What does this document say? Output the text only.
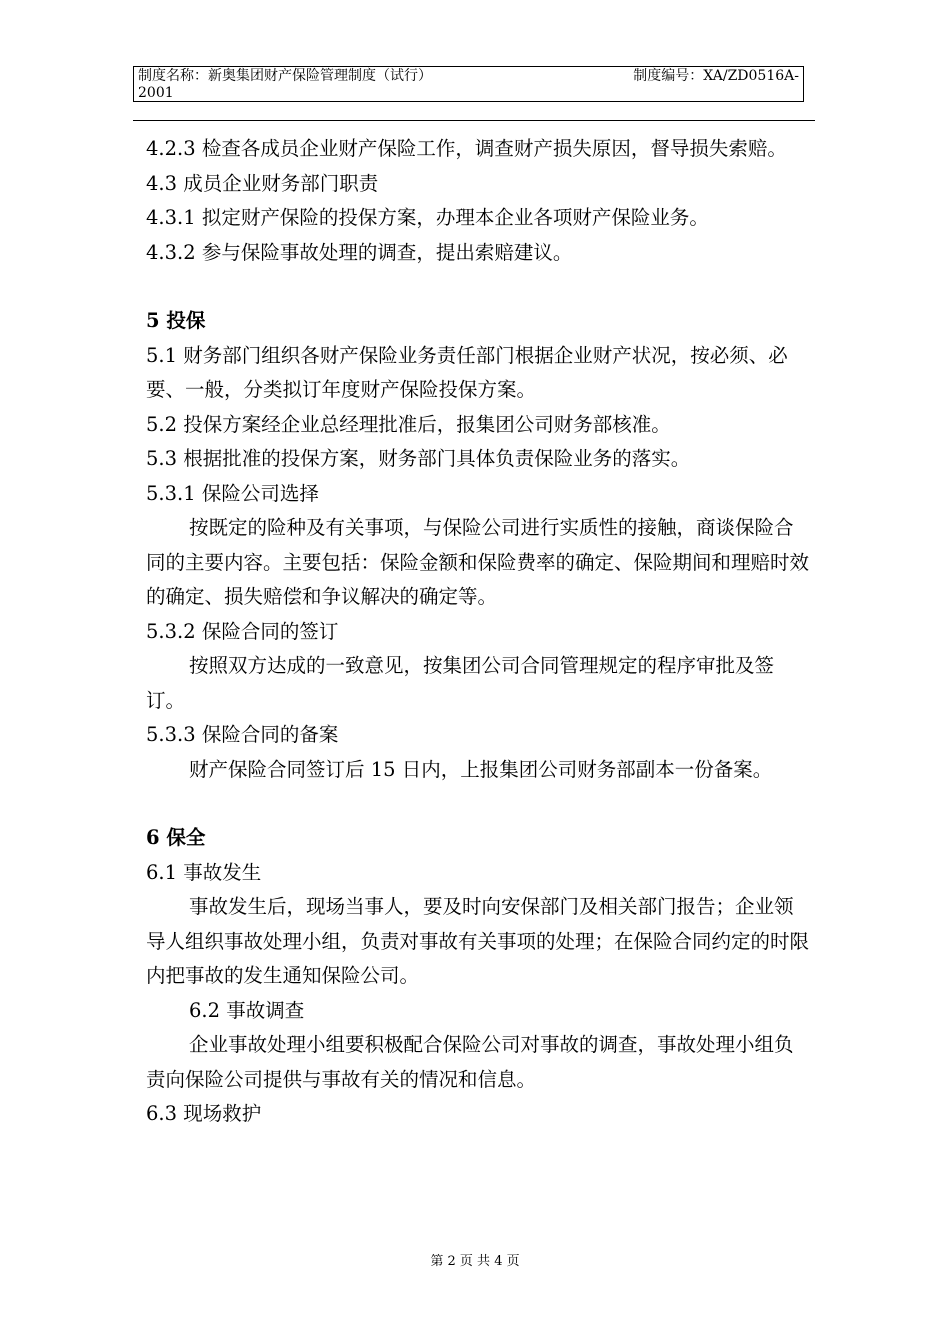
制度名称：新奥集团财产保险管理制度（试行）	制度编号：XA/ZD0516A-
2001

4.2.3 检查各成员企业财产保险工作，调查财产损失原因，督导损失索赔。

4.3 成员企业财务部门职责

4.3.1 拟定财产保险的投保方案，办理本企业各项财产保险业务。

4.3.2 参与保险事故处理的调查，提出索赔建议。

5 投保

5.1 财务部门组织各财产保险业务责任部门根据企业财产状况，按必须、必要、一般，分类拟订年度财产保险投保方案。

5.2 投保方案经企业总经理批准后，报集团公司财务部核准。

5.3 根据批准的投保方案，财务部门具体负责保险业务的落实。

5.3.1 保险公司选择

按既定的险种及有关事项，与保险公司进行实质性的接触，商谈保险合同的主要内容。主要包括：保险金额和保险费率的确定、保险期间和理赔时效的确定、损失赔偿和争议解决的确定等。

5.3.2 保险合同的签订

按照双方达成的一致意见，按集团公司合同管理规定的程序审批及签订。

5.3.3 保险合同的备案

财产保险合同签订后 15 日内，上报集团公司财务部副本一份备案。

6 保全

6.1 事故发生

事故发生后，现场当事人，要及时向安保部门及相关部门报告；企业领导人组织事故处理小组，负责对事故有关事项的处理；在保险合同约定的时限内把事故的发生通知保险公司。

6.2 事故调查

企业事故处理小组要积极配合保险公司对事故的调查，事故处理小组负责向保险公司提供与事故有关的情况和信息。

6.3 现场救护

第 2 页 共 4 页
